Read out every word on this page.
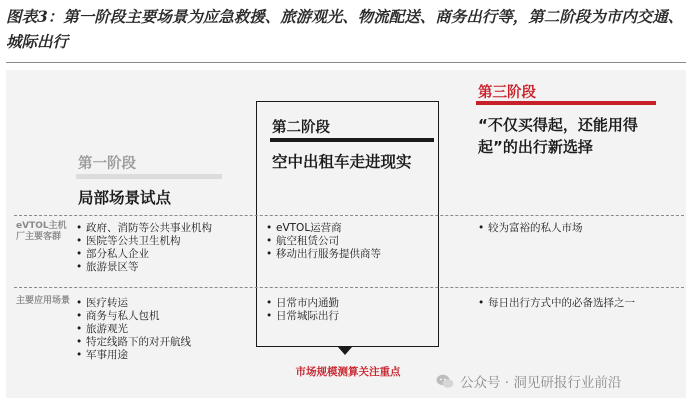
图表3：第一阶段主要场景为应急救援、旅游观光、物流配送、商务出行等，第二阶段为市内交通、城际出行
第一阶段
局部场景试点
第二阶段
空中出租车走进现实
市场规模测算关注重点
第三阶段
“不仅买得起，还能用得起”的出行新选择
eVTOL主机厂主要客群
主要应用场景
• 政府、消防等公共事业机构
• 医院等公共卫生机构
• 部分私人企业
• 旅游景区等
• eVTOL运营商
• 航空租赁公司
• 移动出行服务提供商等
• 较为富裕的私人市场
• 医疗转运
• 商务与私人包机
• 旅游观光
• 特定线路下的对开航线
• 军事用途
• 日常市内通勤
• 日常城际出行
• 每日出行方式中的必备选择之一
公众号 · 洞见研报行业前沿
